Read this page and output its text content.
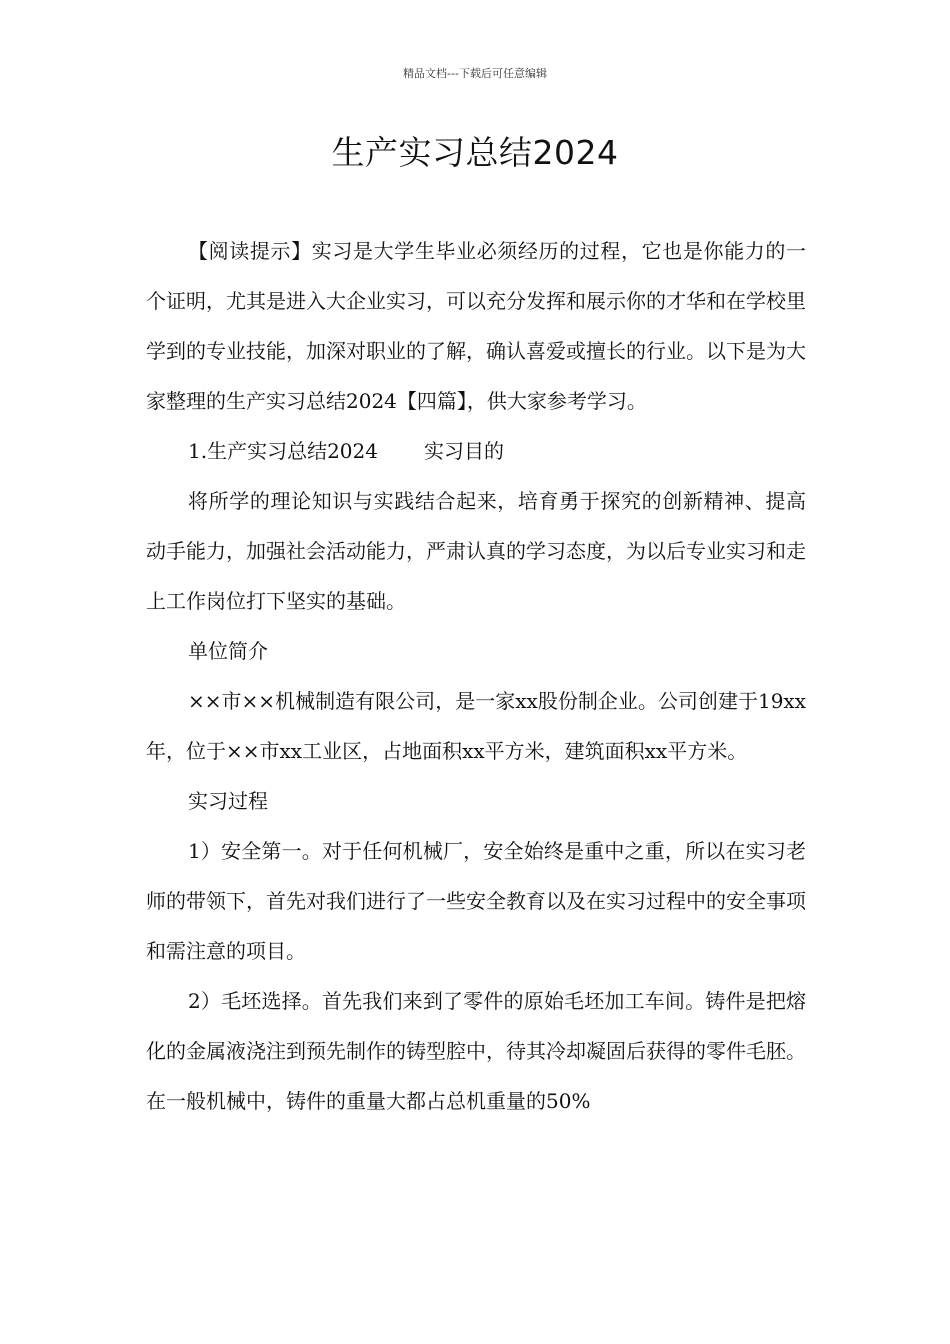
精品文档---下载后可任意编辑
生产实习总结2024

【阅读提示】实习是大学生毕业必须经历的过程，它也是你能力的一个证明，尤其是进入大企业实习，可以充分发挥和展示你的才华和在学校里学到的专业技能，加深对职业的了解，确认喜爱或擅长的行业。以下是为大家整理的生产实习总结2024【四篇】，供大家参考学习。

1.生产实习总结2024 实习目的

将所学的理论知识与实践结合起来，培育勇于探究的创新精神、提高动手能力，加强社会活动能力，严肃认真的学习态度，为以后专业实习和走上工作岗位打下坚实的基础。

单位简介

××市××机械制造有限公司，是一家xx股份制企业。公司创建于19xx年，位于××市xx工业区，占地面积xx平方米，建筑面积xx平方米。

实习过程

1）安全第一。对于任何机械厂，安全始终是重中之重，所以在实习老师的带领下，首先对我们进行了一些安全教育以及在实习过程中的安全事项和需注意的项目。

2）毛坯选择。首先我们来到了零件的原始毛坯加工车间。铸件是把熔化的金属液浇注到预先制作的铸型腔中，待其冷却凝固后获得的零件毛胚。在一般机械中，铸件的重量大都占总机重量的50%
